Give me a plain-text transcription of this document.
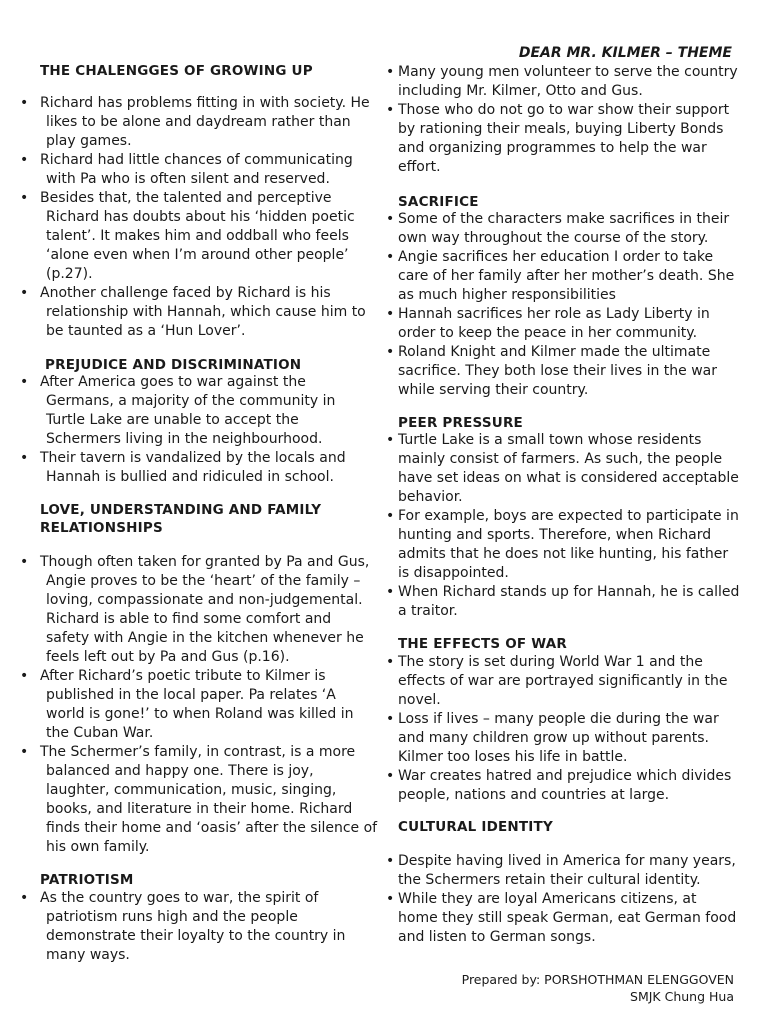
DEAR MR. KILMER – THEME
THE CHALENGGES OF GROWING UP
• Richard has problems fitting in with society. He likes to be alone and daydream rather than play games.
• Richard had little chances of communicating with Pa who is often silent and reserved.
• Besides that, the talented and perceptive Richard has doubts about his ‘hidden poetic talent’. It makes him and oddball who feels ‘alone even when I’m around other people’ (p.27).
• Another challenge faced by Richard is his relationship with Hannah, which cause him to be taunted as a ‘Hun Lover’.
PREJUDICE AND DISCRIMINATION
• After America goes to war against the Germans, a majority of the community in Turtle Lake are unable to accept the Schermers living in the neighbourhood.
• Their tavern is vandalized by the locals and Hannah is bullied and ridiculed in school.
LOVE, UNDERSTANDING AND FAMILY RELATIONSHIPS
• Though often taken for granted by Pa and Gus, Angie proves to be the ‘heart’ of the family – loving, compassionate and non-judgemental. Richard is able to find some comfort and safety with Angie in the kitchen whenever he feels left out by Pa and Gus (p.16).
• After Richard’s poetic tribute to Kilmer is published in the local paper. Pa relates ‘A world is gone!’ to when Roland was killed in the Cuban War.
• The Schermer’s family, in contrast, is a more balanced and happy one. There is joy, laughter, communication, music, singing, books, and literature in their home. Richard finds their home and ‘oasis’ after the silence of his own family.
PATRIOTISM
• As the country goes to war, the spirit of patriotism runs high and the people demonstrate their loyalty to the country in many ways.
• Many young men volunteer to serve the country including Mr. Kilmer, Otto and Gus.
• Those who do not go to war show their support by rationing their meals, buying Liberty Bonds and organizing programmes to help the war effort.
SACRIFICE
• Some of the characters make sacrifices in their own way throughout the course of the story.
• Angie sacrifices her education I order to take care of her family after her mother’s death. She as much higher responsibilities
• Hannah sacrifices her role as Lady Liberty in order to keep the peace in her community.
• Roland Knight and Kilmer made the ultimate sacrifice. They both lose their lives in the war while serving their country.
PEER PRESSURE
• Turtle Lake is a small town whose residents mainly consist of farmers. As such, the people have set ideas on what is considered acceptable behavior.
• For example, boys are expected to participate in hunting and sports. Therefore, when Richard admits that he does not like hunting, his father is disappointed.
• When Richard stands up for Hannah, he is called a traitor.
THE EFFECTS OF WAR
• The story is set during World War 1 and the effects of war are portrayed significantly in the novel.
• Loss if lives – many people die during the war and many children grow up without parents. Kilmer too loses his life in battle.
• War creates hatred and prejudice which divides people, nations and countries at large.
CULTURAL IDENTITY
• Despite having lived in America for many years, the Schermers retain their cultural identity.
• While they are loyal Americans citizens, at home they still speak German, eat German food and listen to German songs.
Prepared by: PORSHOTHMAN ELENGGOVEN
SMJK Chung Hua
